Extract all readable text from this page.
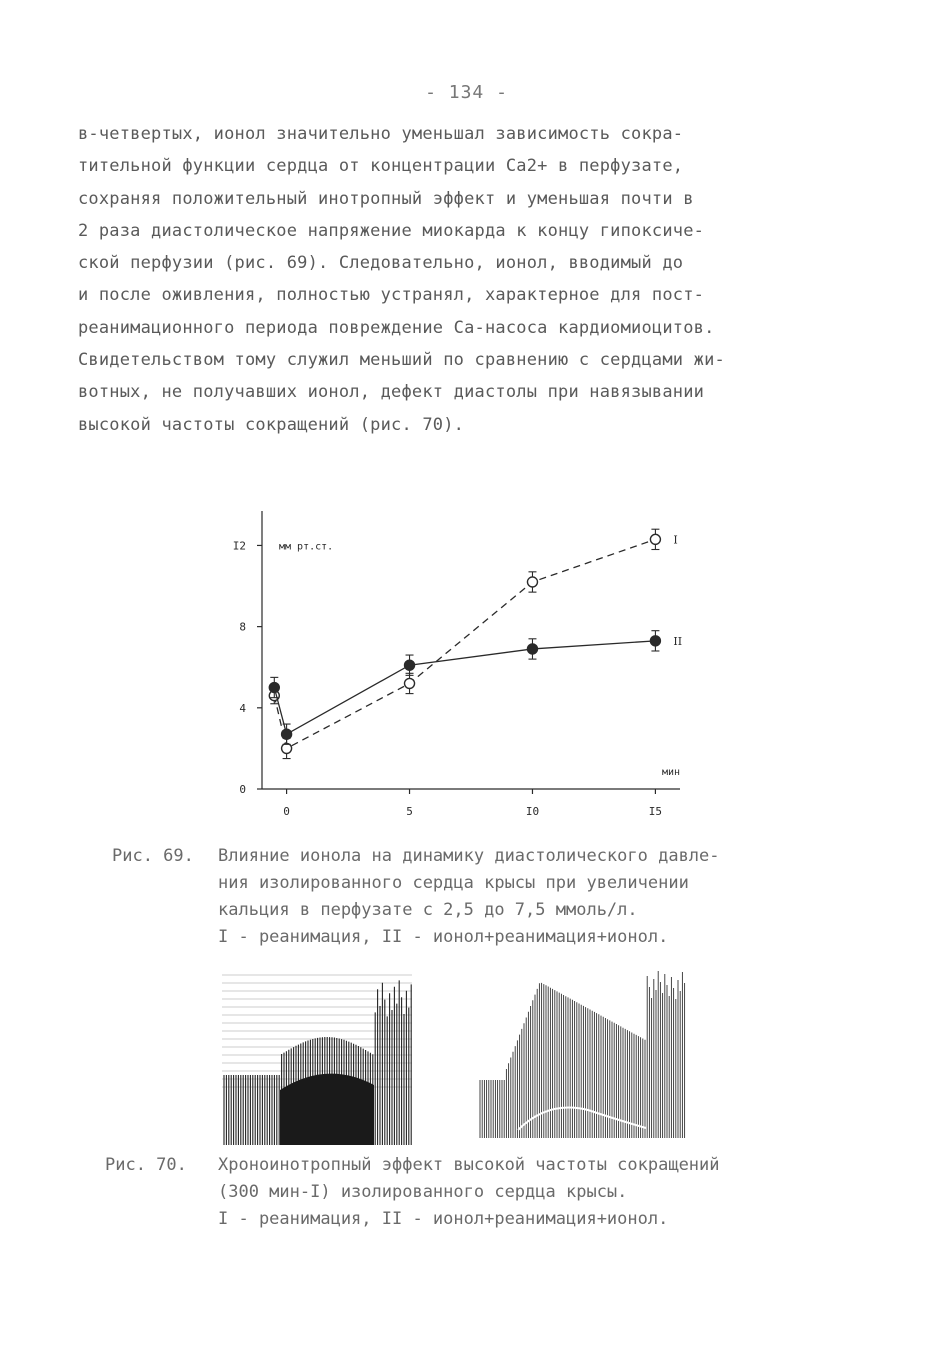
- 134 -
в-четвертых, ионол значительно уменьшал зависимость сокра-
тительной функции сердца от концентрации Са2+ в перфузате,
сохраняя положительный инотропный эффект и уменьшая почти в
2 раза диастолическое напряжение миокарда к концу гипоксиче-
ской перфузии (рис. 69). Следовательно, ионол, вводимый до
и после оживления, полностью устранял, характерное для пост-
реанимационного периода повреждение Са-насоса кардиомиоцитов.
Свидетельством тому служил меньший по сравнению с сердцами жи-
вотных, не получавших ионол, дефект диастолы при навязывании
высокой частоты сокращений (рис. 70).
0
4
8
I2
0	5	I0	I5
мм рт.ст.
мин
I
II
Рис. 69. Влияние ионола на динамику диастолического давле-
ния изолированного сердца крысы при увеличении
кальция в перфузате с 2,5 до 7,5 ммоль/л.
I - реанимация, II - ионол+реанимация+ионол.
Рис. 70. Хроноинотропный эффект высокой частоты сокращений
(300 мин-I) изолированного сердца крысы.
I - реанимация, II - ионол+реанимация+ионол.
